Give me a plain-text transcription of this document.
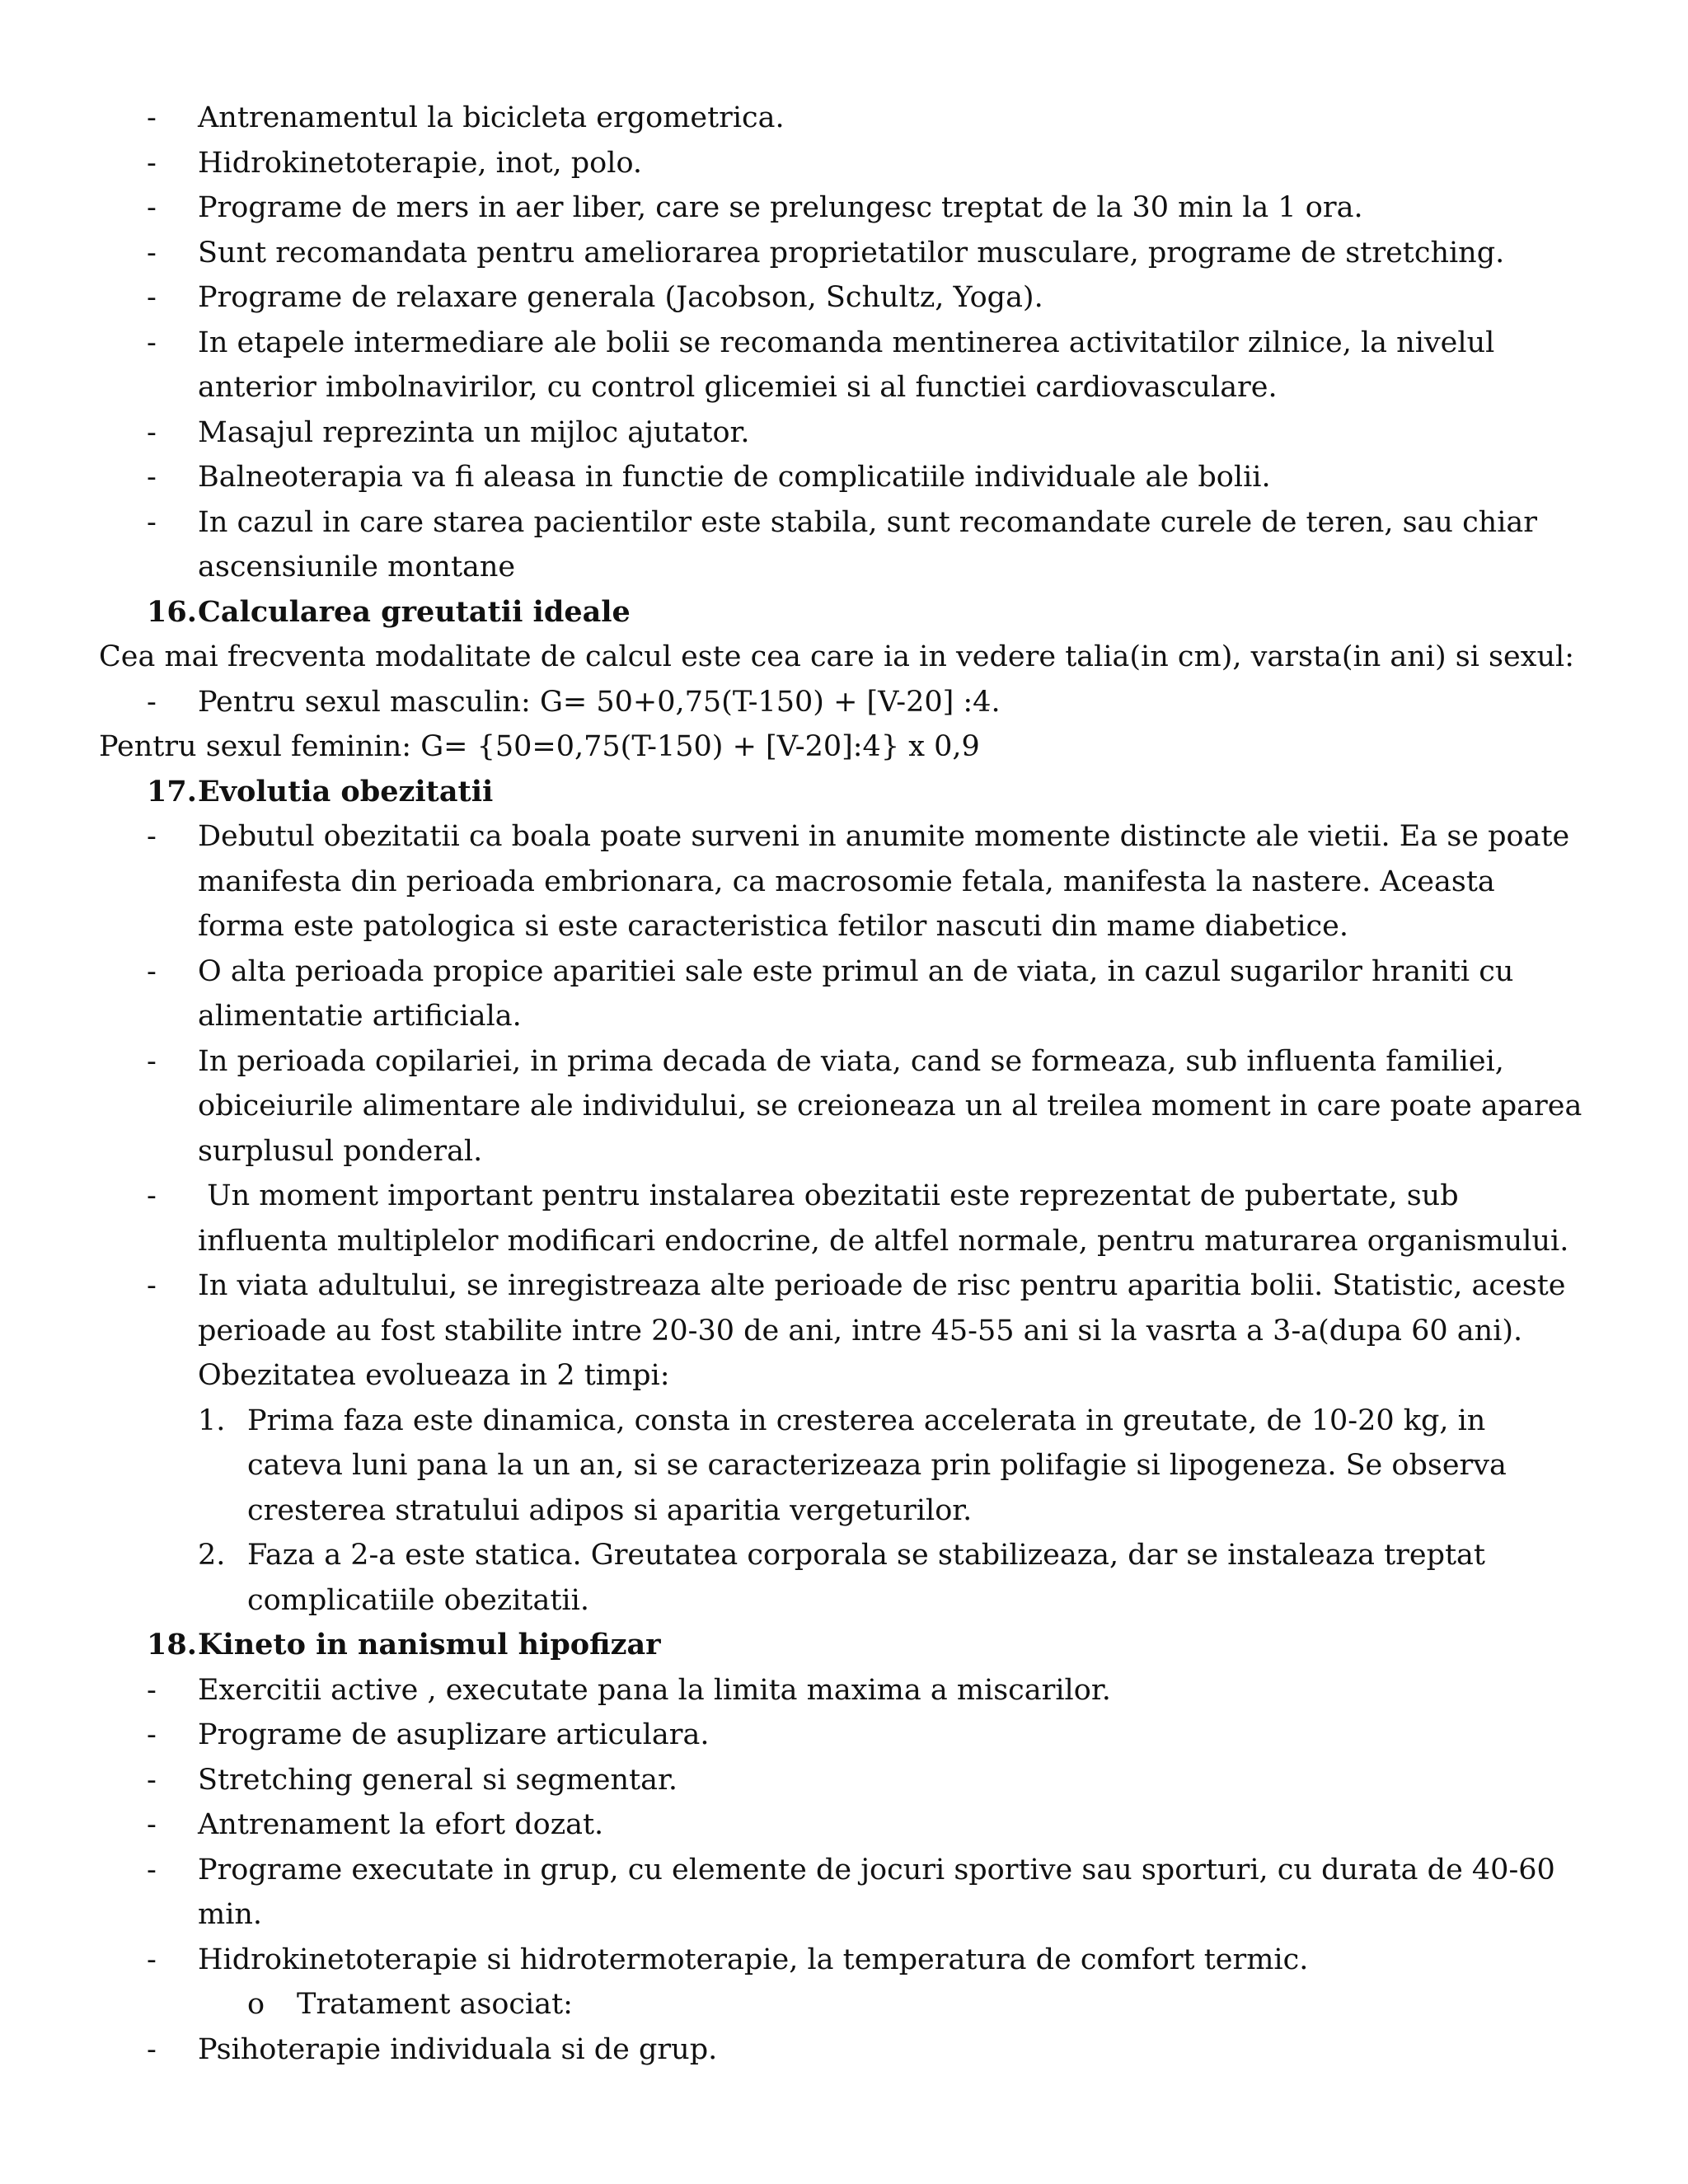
- Antrenamentul la bicicleta ergometrica.
- Hidrokinetoterapie, inot, polo.
- Programe de mers in aer liber, care se prelungesc treptat de la 30 min la 1 ora.
- Sunt recomandata pentru ameliorarea proprietatilor musculare, programe de stretching.
- Programe de relaxare generala (Jacobson, Schultz, Yoga).
- In etapele intermediare ale bolii se recomanda mentinerea activitatilor zilnice, la nivelul anterior imbolnavirilor, cu control glicemiei si al functiei cardiovasculare.
- Masajul reprezinta un mijloc ajutator.
- Balneoterapia va fi aleasa in functie de complicatiile individuale ale bolii.
- In cazul in care starea pacientilor este stabila, sunt recomandate curele de teren, sau chiar ascensiunile montane
16. Calcularea greutatii ideale
Cea mai frecventa modalitate de calcul este cea care ia in vedere talia(in cm), varsta(in ani) si sexul:
- Pentru sexul masculin: G= 50+0,75(T-150) + [V-20] :4.
Pentru sexul feminin: G= {50=0,75(T-150) + [V-20]:4} x 0,9
17. Evolutia obezitatii
- Debutul obezitatii ca boala poate surveni in anumite momente distincte ale vietii. Ea se poate manifesta din perioada embrionara, ca macrosomie fetala, manifesta la nastere. Aceasta forma este patologica si este caracteristica fetilor nascuti din mame diabetice.
- O alta perioada propice aparitiei sale este primul an de viata, in cazul sugarilor hraniti cu alimentatie artificiala.
- In perioada copilariei, in prima decada de viata, cand se formeaza, sub influenta familiei, obiceiurile alimentare ale individului, se creioneaza un al treilea moment in care poate aparea surplusul ponderal.
- Un moment important pentru instalarea obezitatii este reprezentat de pubertate, sub influenta multiplelor modificari endocrine, de altfel normale, pentru maturarea organismului.
- In viata adultului, se inregistreaza alte perioade de risc pentru aparitia bolii. Statistic, aceste perioade au fost stabilite intre 20-30 de ani, intre 45-55 ani si la vasrta a 3-a(dupa 60 ani). Obezitatea evolueaza in 2 timpi:
1. Prima faza este dinamica, consta in cresterea accelerata in greutate, de 10-20 kg, in cateva luni pana la un an, si se caracterizeaza prin polifagie si lipogeneza. Se observa cresterea stratului adipos si aparitia vergeturilor.
2. Faza a 2-a este statica. Greutatea corporala se stabilizeaza, dar se instaleaza treptat complicatiile obezitatii.
18. Kineto in nanismul hipofizar
- Exercitii active , executate pana la limita maxima a miscarilor.
- Programe de asuplizare articulara.
- Stretching general si segmentar.
- Antrenament la efort dozat.
- Programe executate in grup, cu elemente de jocuri sportive sau sporturi, cu durata de 40-60 min.
- Hidrokinetoterapie si hidrotermoterapie, la temperatura de comfort termic.
o Tratament asociat:
- Psihoterapie individuala si de grup.
